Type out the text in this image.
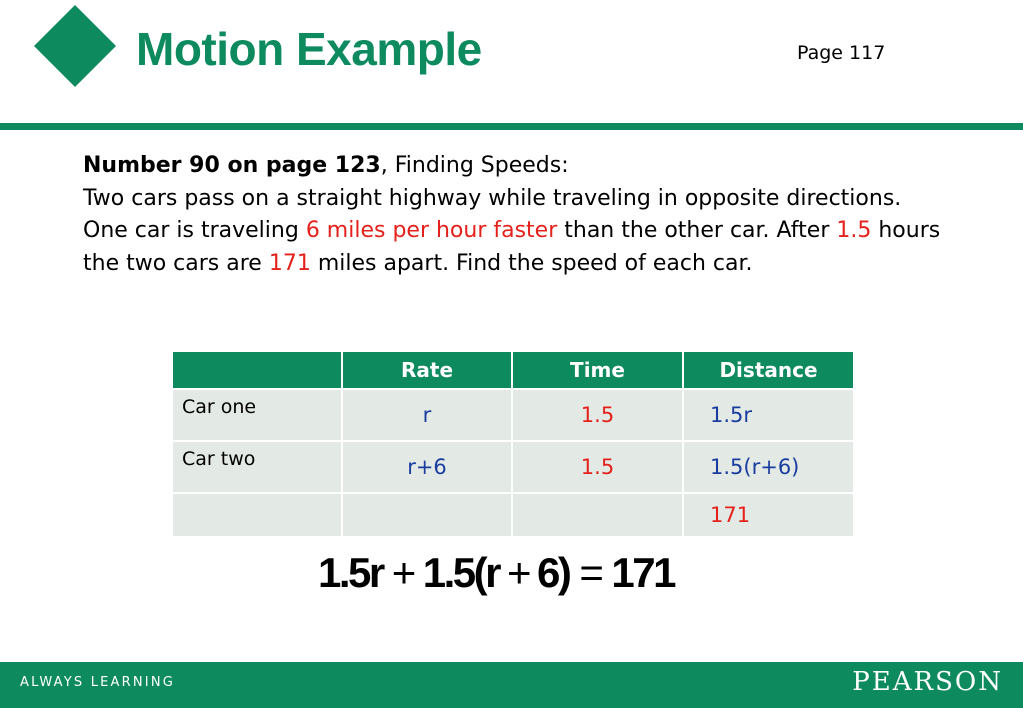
Motion Example	Page 117

Number 90 on page 123, Finding Speeds:

Two cars pass on a straight highway while traveling in opposite directions. One car is traveling 6 miles per hour faster than the other car. After 1.5 hours the two cars are 171 miles apart. Find the speed of each car.

	Rate	Time	Distance
Car one	r	1.5	1.5r
Car two	r+6	1.5	1.5(r+6)
			171
1.5r + 1.5(r + 6) = 171
ALWAYS LEARNING	PEARSON
